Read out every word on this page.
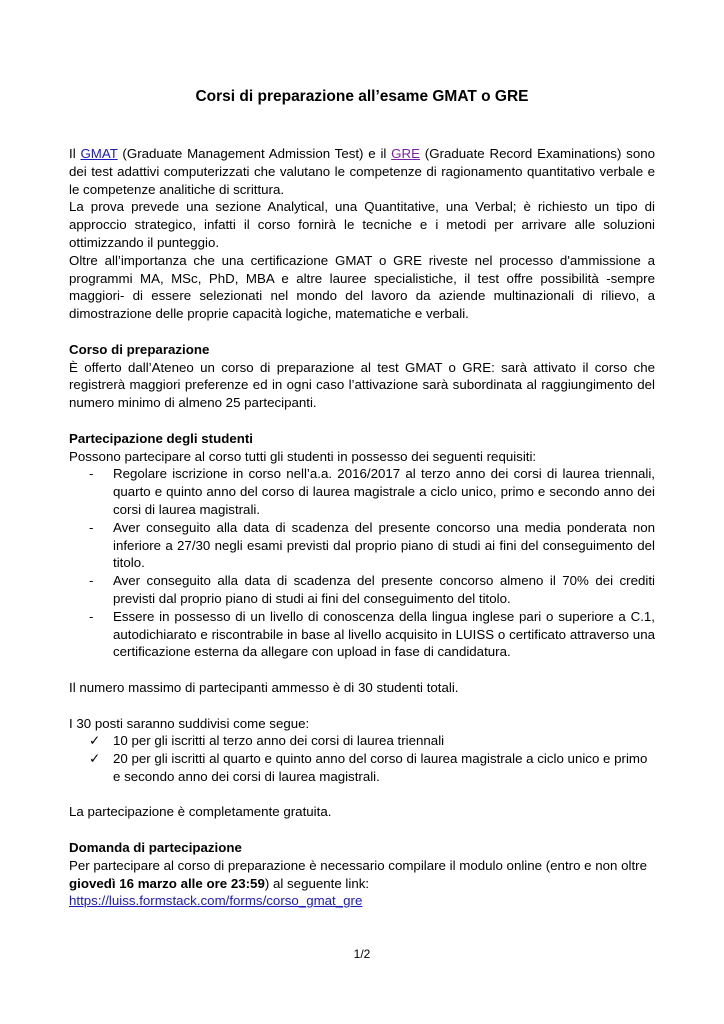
Corsi di preparazione all’esame GMAT o GRE

Il GMAT (Graduate Management Admission Test) e il GRE (Graduate Record Examinations) sono dei test adattivi computerizzati che valutano le competenze di ragionamento quantitativo verbale e le competenze analitiche di scrittura.

La prova prevede una sezione Analytical, una Quantitative, una Verbal; è richiesto un tipo di approccio strategico, infatti il corso fornirà le tecniche e i metodi per arrivare alle soluzioni ottimizzando il punteggio.

Oltre all’importanza che una certificazione GMAT o GRE riveste nel processo d'ammissione a programmi MA, MSc, PhD, MBA e altre lauree specialistiche, il test offre possibilità -sempre maggiori- di essere selezionati nel mondo del lavoro da aziende multinazionali di rilievo, a dimostrazione delle proprie capacità logiche, matematiche e verbali.

Corso di preparazione

È offerto dall’Ateneo un corso di preparazione al test GMAT o GRE: sarà attivato il corso che registrerà maggiori preferenze ed in ogni caso l’attivazione sarà subordinata al raggiungimento del numero minimo di almeno 25 partecipanti.

Partecipazione degli studenti

Possono partecipare al corso tutti gli studenti in possesso dei seguenti requisiti:

- Regolare iscrizione in corso nell’a.a. 2016/2017 al terzo anno dei corsi di laurea triennali, quarto e quinto anno del corso di laurea magistrale a ciclo unico, primo e secondo anno dei corsi di laurea magistrali.
- Aver conseguito alla data di scadenza del presente concorso una media ponderata non inferiore a 27/30 negli esami previsti dal proprio piano di studi ai fini del conseguimento del titolo.
- Aver conseguito alla data di scadenza del presente concorso almeno il 70% dei crediti previsti dal proprio piano di studi ai fini del conseguimento del titolo.
- Essere in possesso di un livello di conoscenza della lingua inglese pari o superiore a C.1, autodichiarato e riscontrabile in base al livello acquisito in LUISS o certificato attraverso una certificazione esterna da allegare con upload in fase di candidatura.

Il numero massimo di partecipanti ammesso è di 30 studenti totali.

I 30 posti saranno suddivisi come segue:

✓ 10 per gli iscritti al terzo anno dei corsi di laurea triennali
✓ 20 per gli iscritti al quarto e quinto anno del corso di laurea magistrale a ciclo unico e primo e secondo anno dei corsi di laurea magistrali.

La partecipazione è completamente gratuita.

Domanda di partecipazione

Per partecipare al corso di preparazione è necessario compilare il modulo online (entro e non oltre giovedì 16 marzo alle ore 23:59) al seguente link:
https://luiss.formstack.com/forms/corso_gmat_gre

1/2
